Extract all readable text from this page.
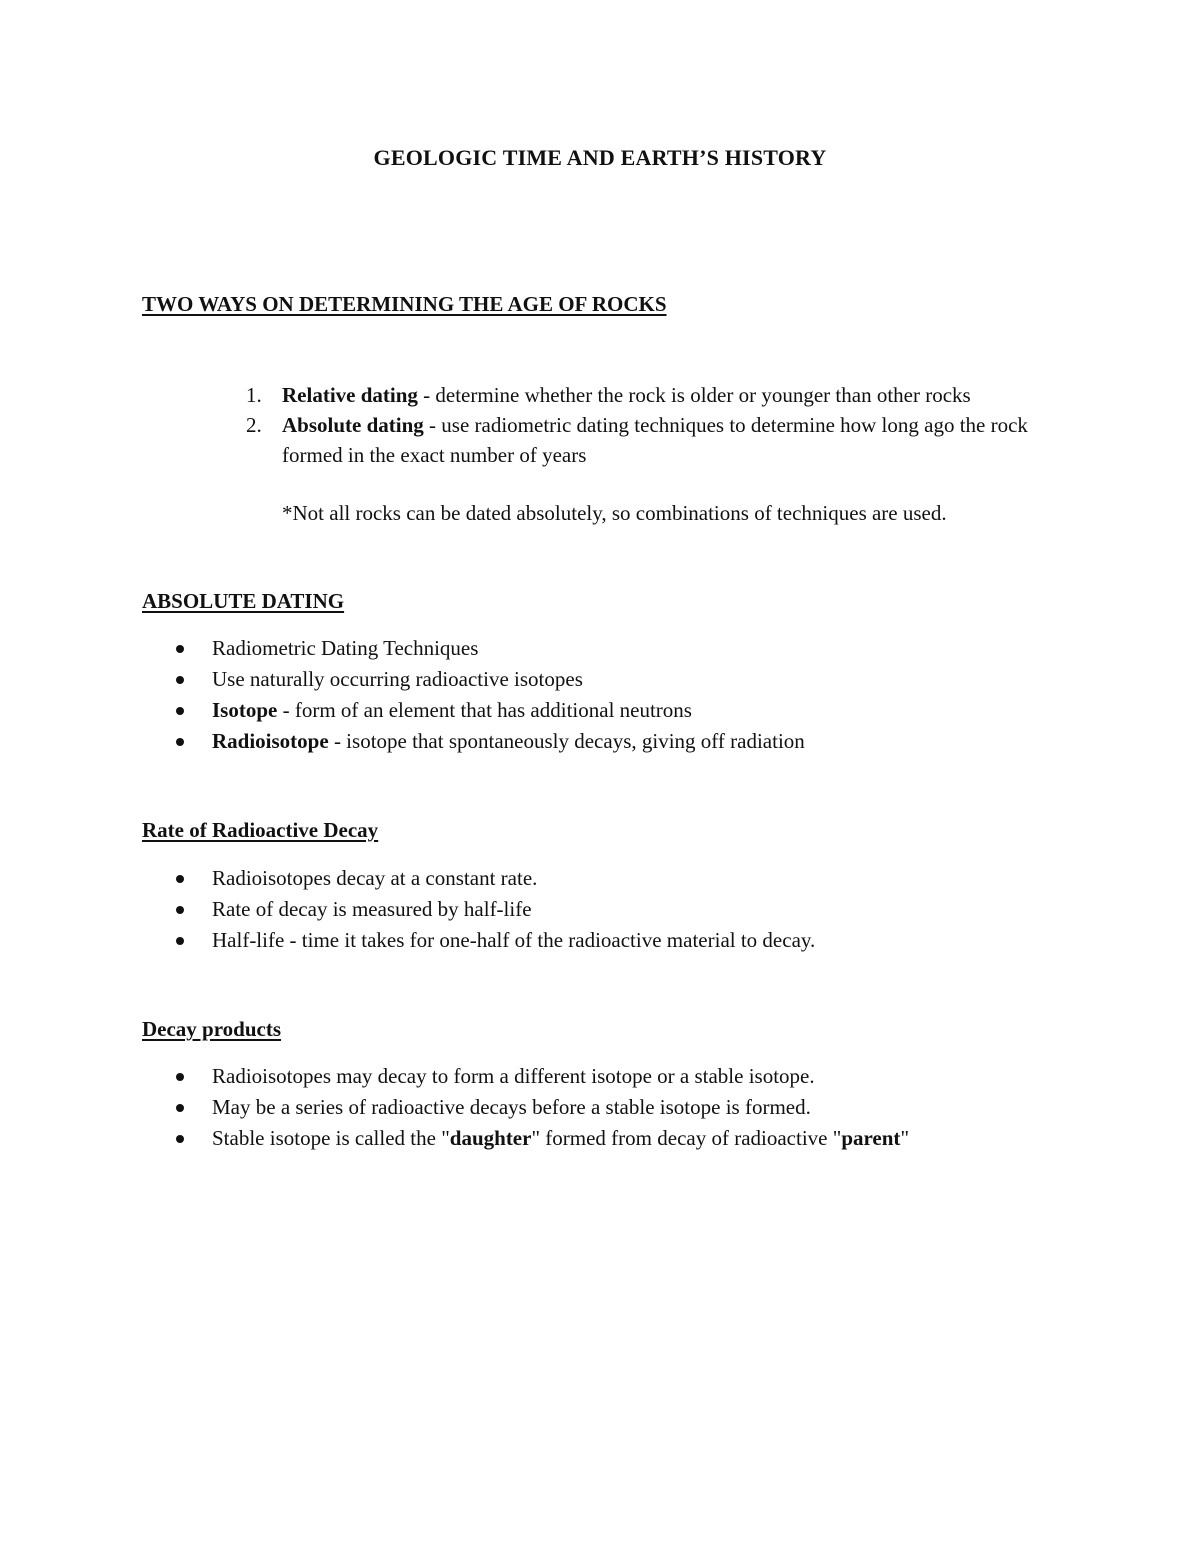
GEOLOGIC TIME AND EARTH’S HISTORY
TWO WAYS ON DETERMINING THE AGE OF ROCKS
1. Relative dating - determine whether the rock is older or younger than other rocks
2. Absolute dating - use radiometric dating techniques to determine how long ago the rock formed in the exact number of years
*Not all rocks can be dated absolutely, so combinations of techniques are used.
ABSOLUTE DATING
Radiometric Dating Techniques
Use naturally occurring radioactive isotopes
Isotope - form of an element that has additional neutrons
Radioisotope - isotope that spontaneously decays, giving off radiation
Rate of Radioactive Decay
Radioisotopes decay at a constant rate.
Rate of decay is measured by half-life
Half-life - time it takes for one-half of the radioactive material to decay.
Decay products
Radioisotopes may decay to form a different isotope or a stable isotope.
May be a series of radioactive decays before a stable isotope is formed.
Stable isotope is called the "daughter" formed from decay of radioactive "parent"
